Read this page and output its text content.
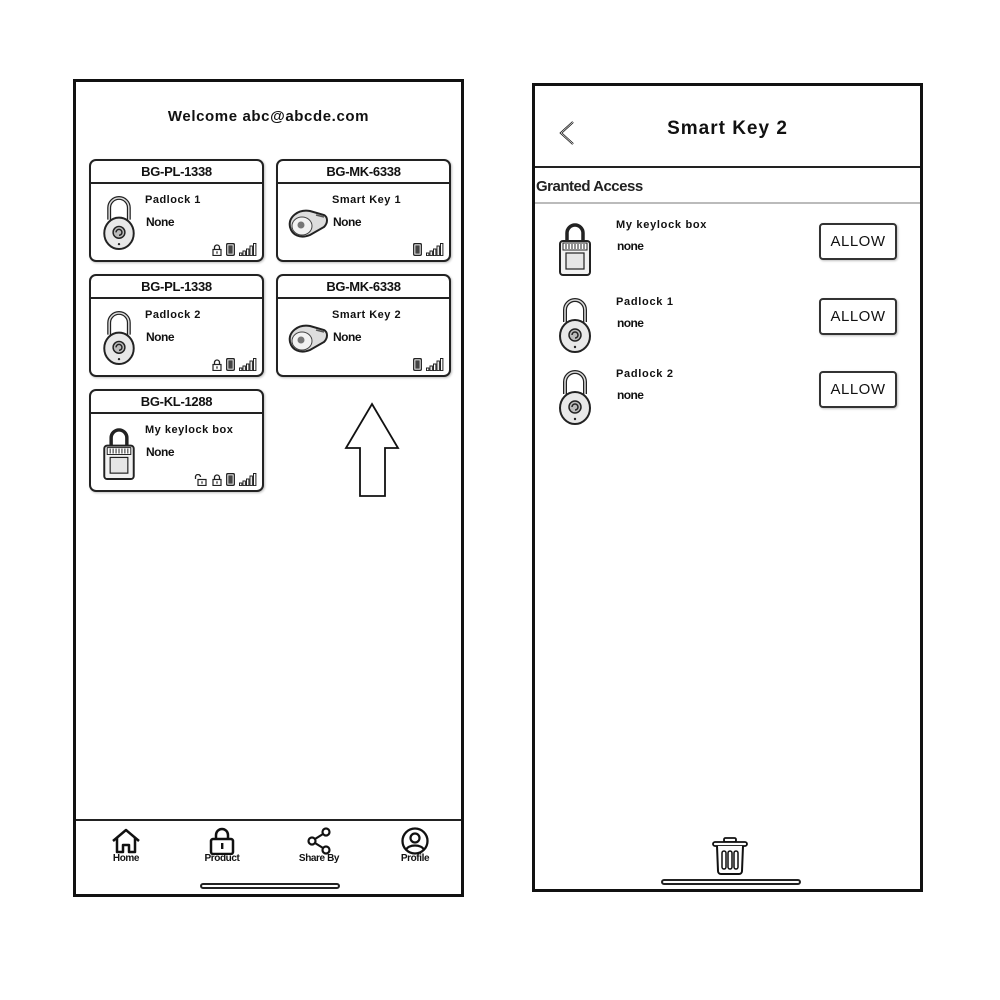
Welcome abc@abcde.com
BG-PL-1338
Padlock 1
None
BG-MK-6338
Smart Key 1
None
BG-PL-1338
Padlock 2
None
BG-MK-6338
Smart Key 2
None
BG-KL-1288
My keylock box
None
Home	Product	Share By	Profile
Smart Key 2
Granted Access
My keylock box
none	ALLOW
Padlock 1
none	ALLOW
Padlock 2
none	ALLOW
